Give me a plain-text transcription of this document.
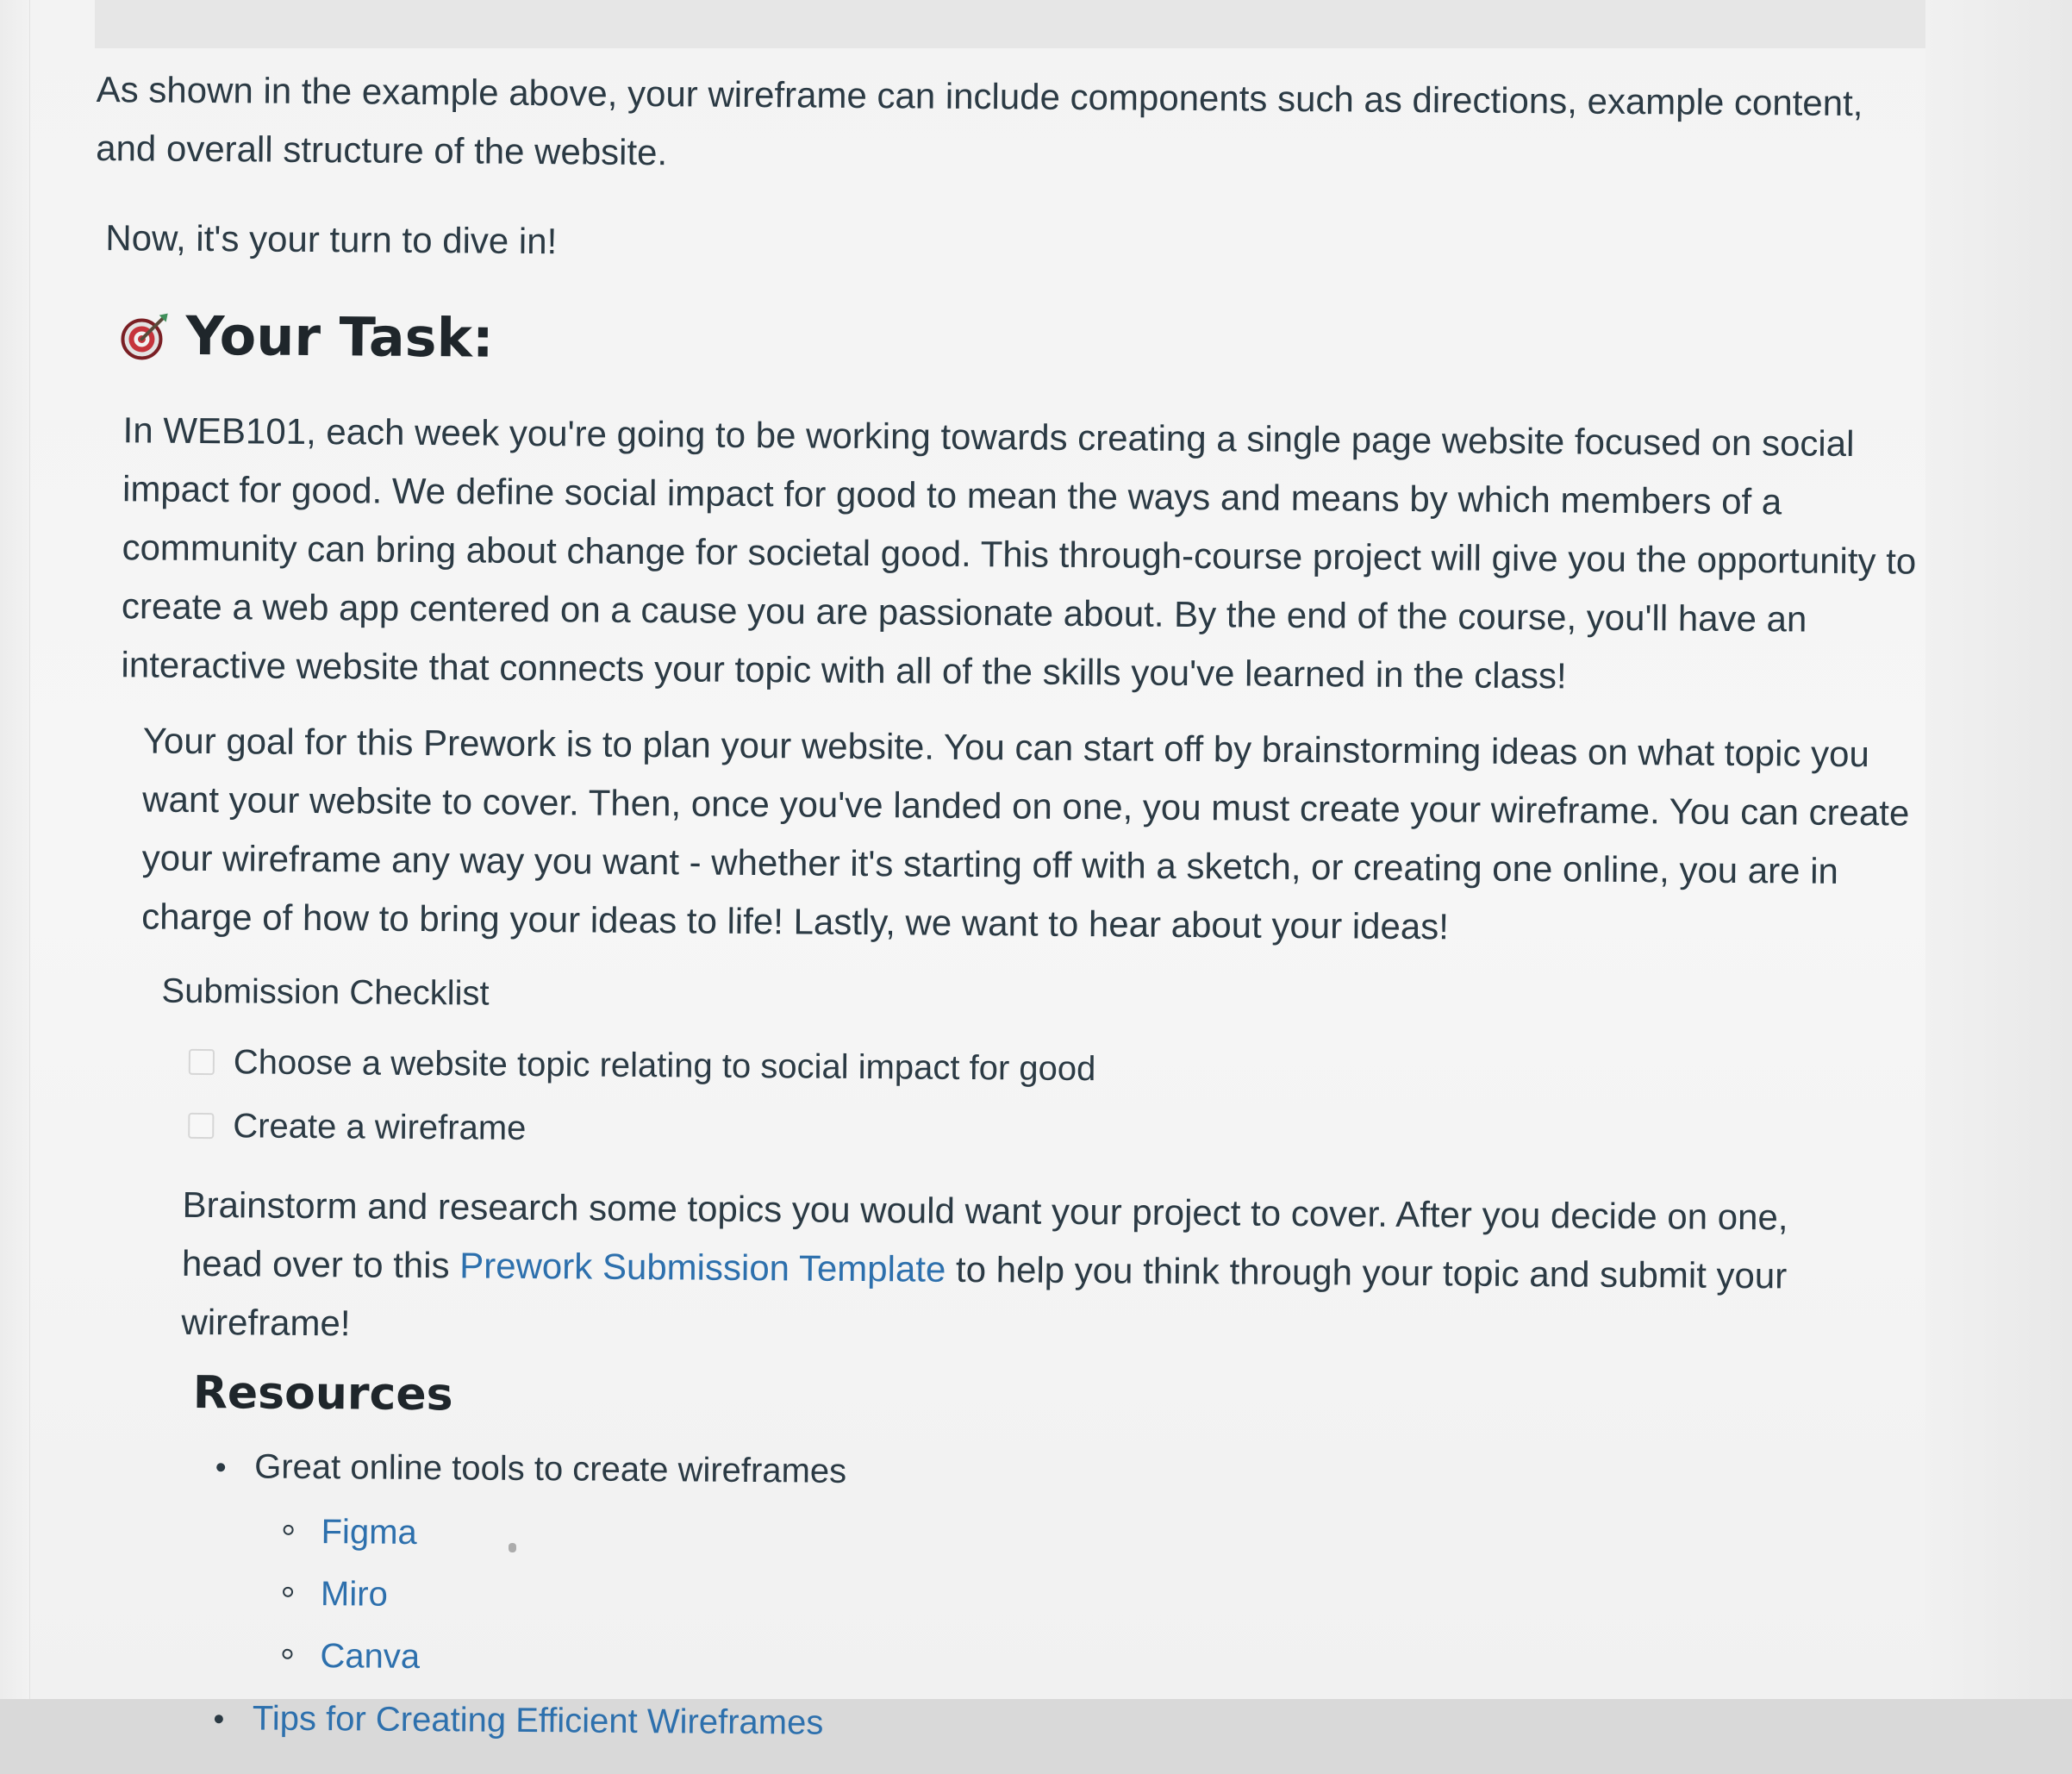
As shown in the example above, your wireframe can include components such as directions, example content, and overall structure of the website.

Now, it's your turn to dive in!

Your Task:

In WEB101, each week you're going to be working towards creating a single page website focused on social impact for good. We define social impact for good to mean the ways and means by which members of a community can bring about change for societal good. This through-course project will give you the opportunity to create a web app centered on a cause you are passionate about. By the end of the course, you'll have an interactive website that connects your topic with all of the skills you've learned in the class!

Your goal for this Prework is to plan your website. You can start off by brainstorming ideas on what topic you want your website to cover. Then, once you've landed on one, you must create your wireframe. You can create your wireframe any way you want - whether it's starting off with a sketch, or creating one online, you are in charge of how to bring your ideas to life! Lastly, we want to hear about your ideas!

Submission Checklist
Choose a website topic relating to social impact for good
Create a wireframe

Brainstorm and research some topics you would want your project to cover. After you decide on one, head over to this Prework Submission Template to help you think through your topic and submit your wireframe!

Resources
Great online tools to create wireframes
Figma
Miro
Canva
Tips for Creating Efficient Wireframes
